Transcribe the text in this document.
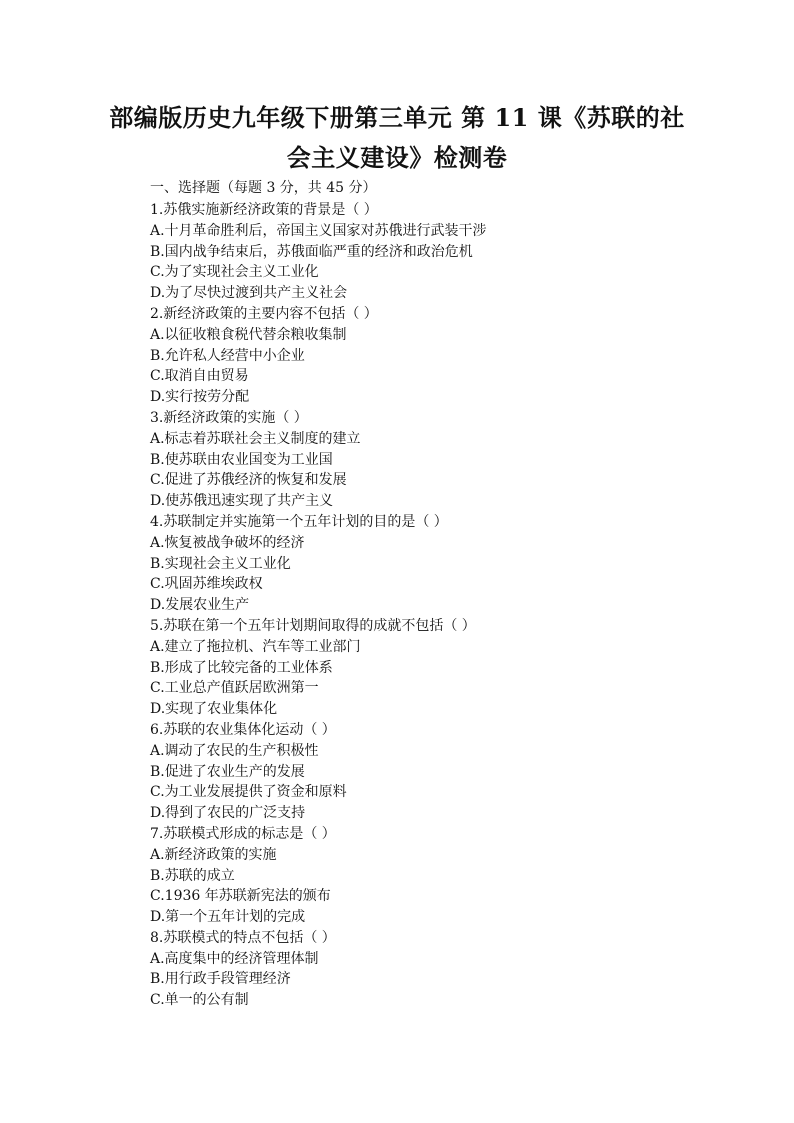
部编版历史九年级下册第三单元 第 11 课《苏联的社
会主义建设》检测卷
一、选择题（每题 3 分，共 45 分）
1.苏俄实施新经济政策的背景是（ ）
A.十月革命胜利后，帝国主义国家对苏俄进行武装干涉
B.国内战争结束后，苏俄面临严重的经济和政治危机
C.为了实现社会主义工业化
D.为了尽快过渡到共产主义社会
2.新经济政策的主要内容不包括（ ）
A.以征收粮食税代替余粮收集制
B.允许私人经营中小企业
C.取消自由贸易
D.实行按劳分配
3.新经济政策的实施（ ）
A.标志着苏联社会主义制度的建立
B.使苏联由农业国变为工业国
C.促进了苏俄经济的恢复和发展
D.使苏俄迅速实现了共产主义
4.苏联制定并实施第一个五年计划的目的是（ ）
A.恢复被战争破坏的经济
B.实现社会主义工业化
C.巩固苏维埃政权
D.发展农业生产
5.苏联在第一个五年计划期间取得的成就不包括（ ）
A.建立了拖拉机、汽车等工业部门
B.形成了比较完备的工业体系
C.工业总产值跃居欧洲第一
D.实现了农业集体化
6.苏联的农业集体化运动（ ）
A.调动了农民的生产积极性
B.促进了农业生产的发展
C.为工业发展提供了资金和原料
D.得到了农民的广泛支持
7.苏联模式形成的标志是（ ）
A.新经济政策的实施
B.苏联的成立
C.1936 年苏联新宪法的颁布
D.第一个五年计划的完成
8.苏联模式的特点不包括（ ）
A.高度集中的经济管理体制
B.用行政手段管理经济
C.单一的公有制
